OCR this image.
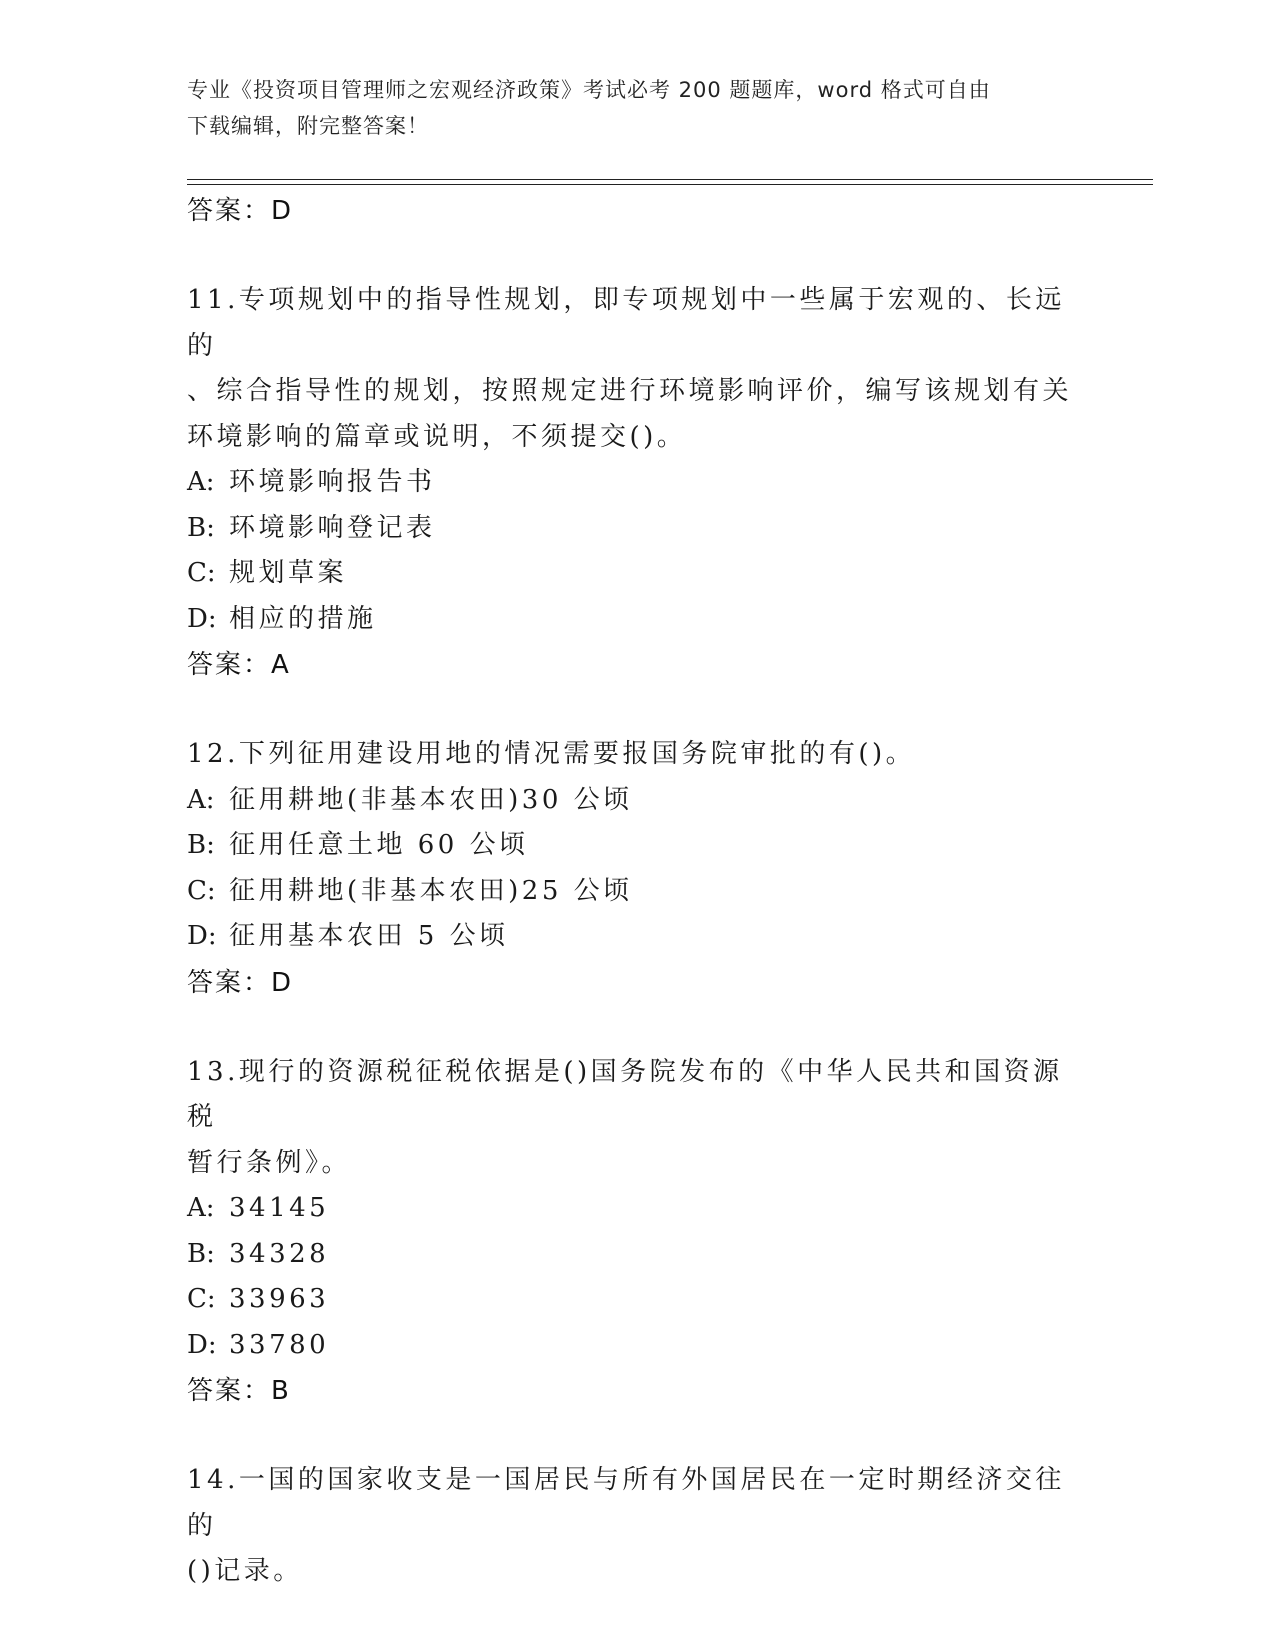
专业《投资项目管理师之宏观经济政策》考试必考 200 题题库，word 格式可自由
下载编辑，附完整答案！
答案：D
11.专项规划中的指导性规划，即专项规划中一些属于宏观的、长远的
、综合指导性的规划，按照规定进行环境影响评价，编写该规划有关
环境影响的篇章或说明，不须提交()。
A: 环境影响报告书
B: 环境影响登记表
C: 规划草案
D: 相应的措施
答案：A
12.下列征用建设用地的情况需要报国务院审批的有()。
A: 征用耕地(非基本农田)30 公顷
B: 征用任意土地 60 公顷
C: 征用耕地(非基本农田)25 公顷
D: 征用基本农田 5 公顷
答案：D
13.现行的资源税征税依据是()国务院发布的《中华人民共和国资源税
暂行条例》。
A: 34145
B: 34328
C: 33963
D: 33780
答案：B
14.一国的国家收支是一国居民与所有外国居民在一定时期经济交往的
()记录。
